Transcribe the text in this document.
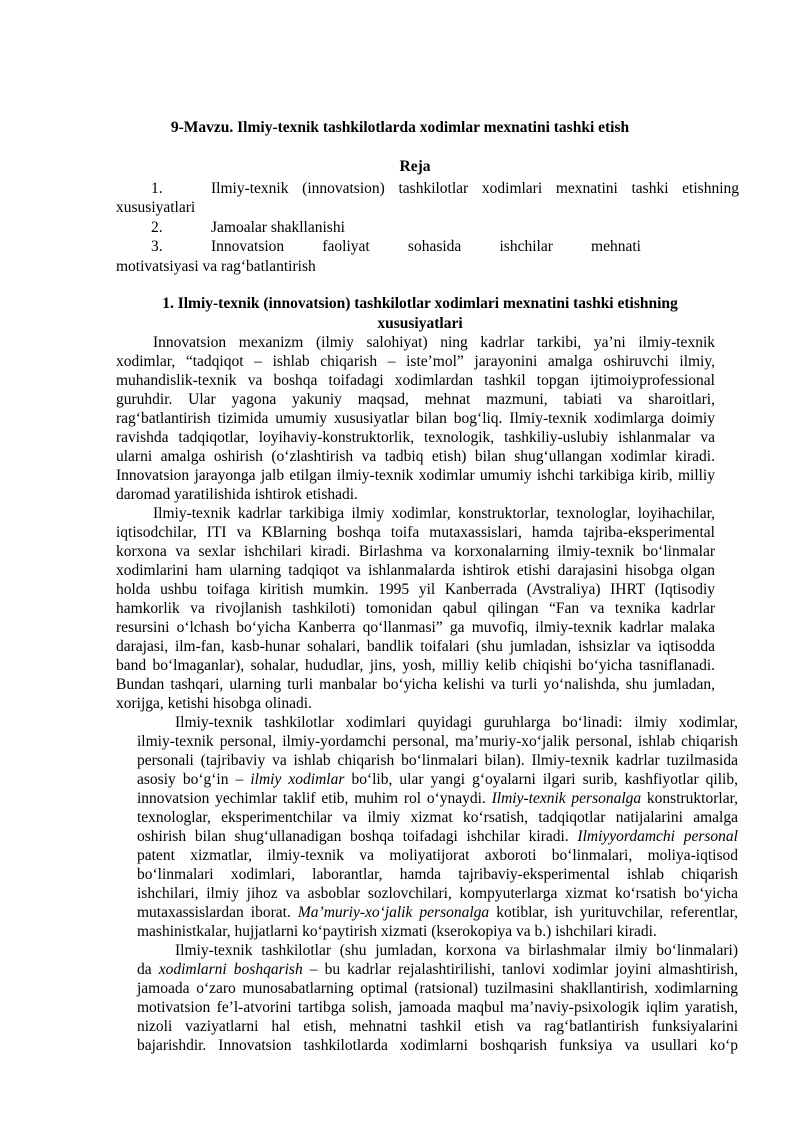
9-Mavzu. Ilmiy-texnik tashkilotlarda xodimlar mexnatini tashki etish
Reja
1.	Ilmiy-texnik (innovatsion) tashkilotlar xodimlari mexnatini tashki etishning
xususiyatlari
2.	Jamoalar shakllanishi
3.	Innovatsion faoliyat sohasida ishchilar mehnati
motivatsiyasi va rag‘batlantirish
1. Ilmiy-texnik (innovatsion) tashkilotlar xodimlari mexnatini tashki etishning
xususiyatlari
Innovatsion mexanizm (ilmiy salohiyat) ning kadrlar tarkibi, ya’ni ilmiy-texnik
xodimlar, “tadqiqot – ishlab chiqarish – iste’mol” jarayonini amalga oshiruvchi ilmiy,
muhandislik-texnik va boshqa toifadagi xodimlardan tashkil topgan ijtimoiyprofessional
guruhdir. Ular yagona yakuniy maqsad, mehnat mazmuni, tabiati va sharoitlari,
rag‘batlantirish tizimida umumiy xususiyatlar bilan bog‘liq. Ilmiy-texnik xodimlarga doimiy
ravishda tadqiqotlar, loyihaviy-konstruktorlik, texnologik, tashkiliy-uslubiy ishlanmalar va
ularni amalga oshirish (o‘zlashtirish va tadbiq etish) bilan shug‘ullangan xodimlar kiradi.
Innovatsion jarayonga jalb etilgan ilmiy-texnik xodimlar umumiy ishchi tarkibiga kirib, milliy
daromad yaratilishida ishtirok etishadi.
Ilmiy-texnik kadrlar tarkibiga ilmiy xodimlar, konstruktorlar, texnologlar, loyihachilar,
iqtisodchilar, ITI va KBlarning boshqa toifa mutaxassislari, hamda tajriba-eksperimental
korxona va sexlar ishchilari kiradi. Birlashma va korxonalarning ilmiy-texnik bo‘linmalar
xodimlarini ham ularning tadqiqot va ishlanmalarda ishtirok etishi darajasini hisobga olgan
holda ushbu toifaga kiritish mumkin. 1995 yil Kanberrada (Avstraliya) IHRT (Iqtisodiy
hamkorlik va rivojlanish tashkiloti) tomonidan qabul qilingan “Fan va texnika kadrlar
resursini o‘lchash bo‘yicha Kanberra qo‘llanmasi” ga muvofiq, ilmiy-texnik kadrlar malaka
darajasi, ilm-fan, kasb-hunar sohalari, bandlik toifalari (shu jumladan, ishsizlar va iqtisodda
band bo‘lmaganlar), sohalar, hududlar, jins, yosh, milliy kelib chiqishi bo‘yicha tasniflanadi.
Bundan tashqari, ularning turli manbalar bo‘yicha kelishi va turli yo‘nalishda, shu jumladan,
xorijga, ketishi hisobga olinadi.
Ilmiy-texnik tashkilotlar xodimlari quyidagi guruhlarga bo‘linadi: ilmiy xodimlar,
ilmiy-texnik personal, ilmiy-yordamchi personal, ma’muriy-xo‘jalik personal, ishlab chiqarish
personali (tajribaviy va ishlab chiqarish bo‘linmalari bilan). Ilmiy-texnik kadrlar tuzilmasida
asosiy bo‘g‘in – ilmiy xodimlar bo‘lib, ular yangi g‘oyalarni ilgari surib, kashfiyotlar qilib,
innovatsion yechimlar taklif etib, muhim rol o‘ynaydi. Ilmiy-texnik personalga konstruktorlar,
texnologlar, eksperimentchilar va ilmiy xizmat ko‘rsatish, tadqiqotlar natijalarini amalga
oshirish bilan shug‘ullanadigan boshqa toifadagi ishchilar kiradi. Ilmiyyordamchi personal
patent xizmatlar, ilmiy-texnik va moliyatijorat axboroti bo‘linmalari, moliya-iqtisod
bo‘linmalari xodimlari, laborantlar, hamda tajribaviy-eksperimental ishlab chiqarish
ishchilari, ilmiy jihoz va asboblar sozlovchilari, kompyuterlarga xizmat ko‘rsatish bo‘yicha
mutaxassislardan iborat. Ma’muriy-xo‘jalik personalga kotiblar, ish yurituvchilar, referentlar,
mashinistkalar, hujjatlarni ko‘paytirish xizmati (kserokopiya va b.) ishchilari kiradi.
Ilmiy-texnik tashkilotlar (shu jumladan, korxona va birlashmalar ilmiy bo‘linmalari)
da xodimlarni boshqarish – bu kadrlar rejalashtirilishi, tanlovi xodimlar joyini almashtirish,
jamoada o‘zaro munosabatlarning optimal (ratsional) tuzilmasini shakllantirish, xodimlarning
motivatsion fe’l-atvorini tartibga solish, jamoada maqbul ma’naviy-psixologik iqlim yaratish,
nizoli vaziyatlarni hal etish, mehnatni tashkil etish va rag‘batlantirish funksiyalarini
bajarishdir. Innovatsion tashkilotlarda xodimlarni boshqarish funksiya va usullari ko‘p
